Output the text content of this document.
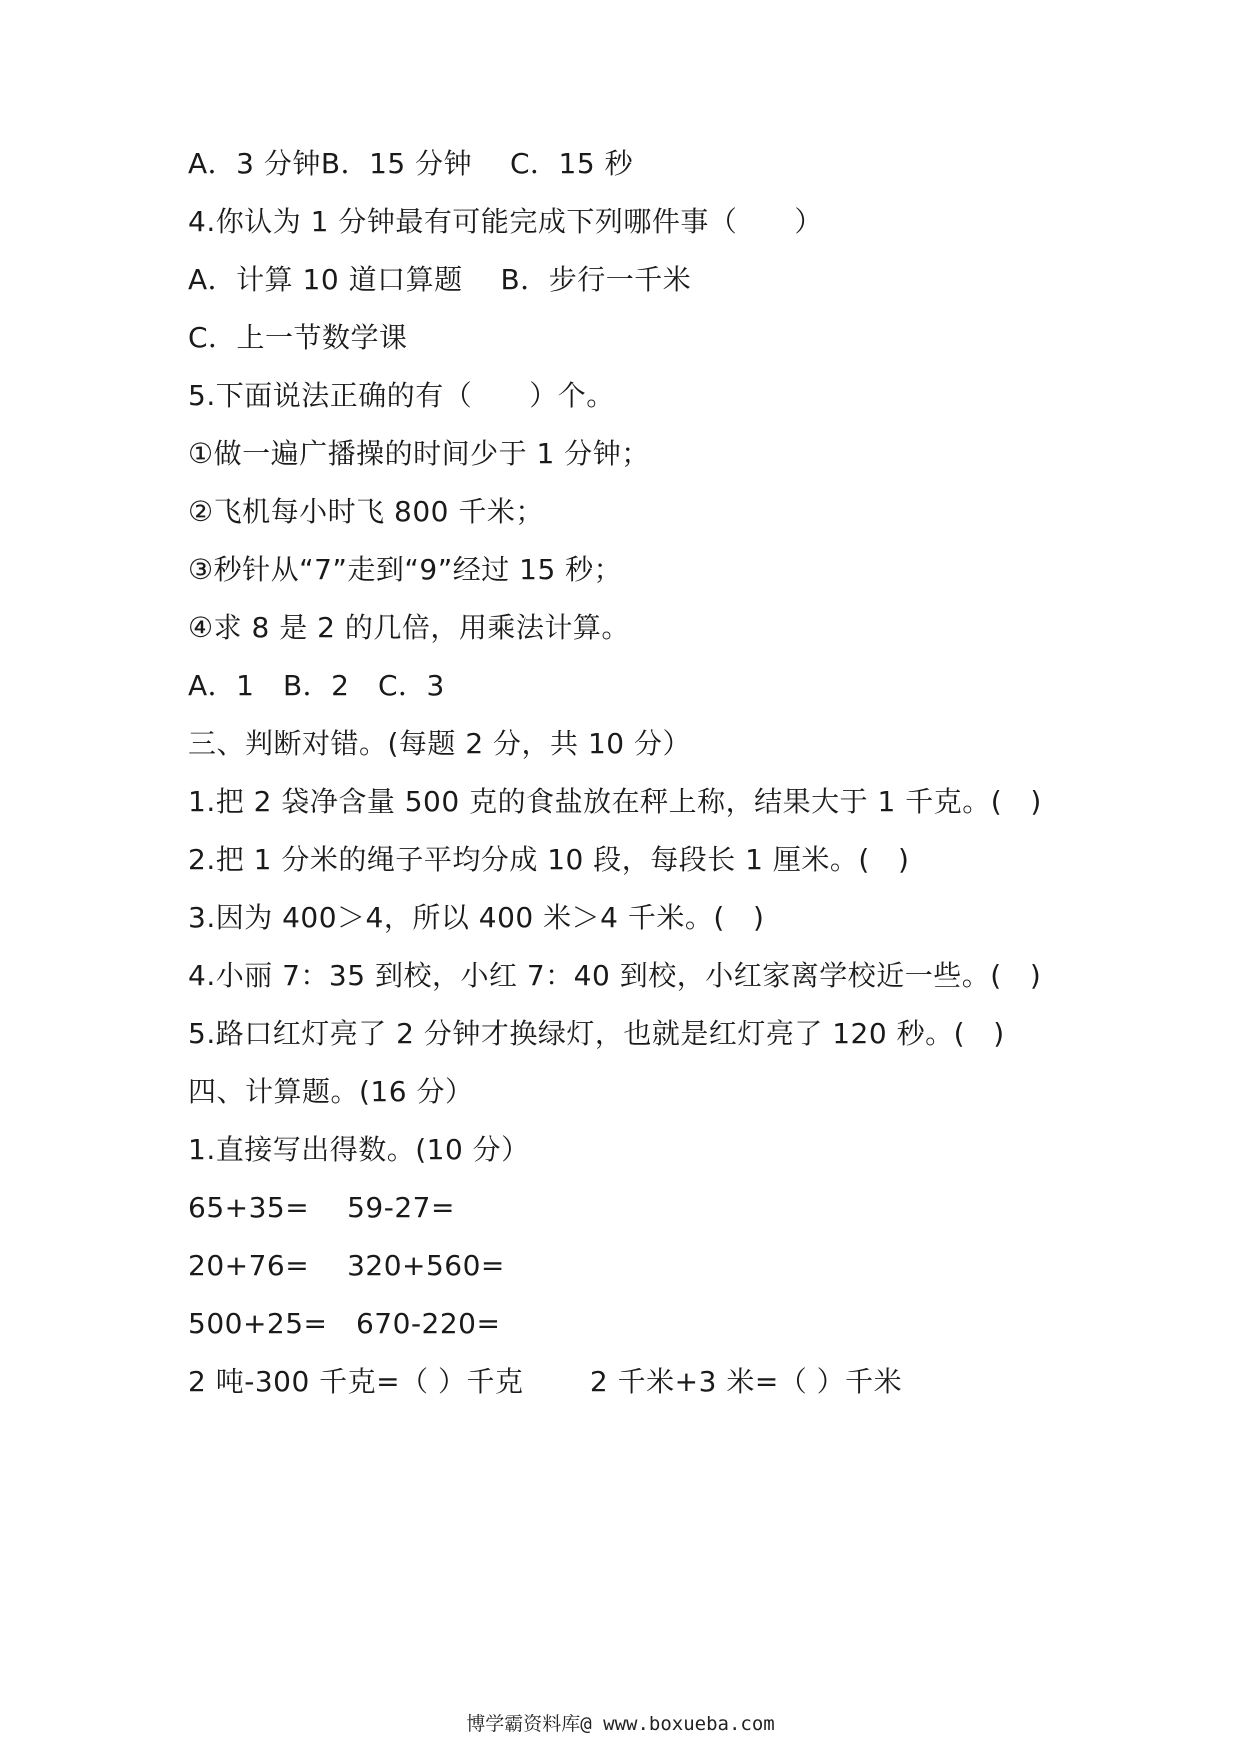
A．3 分钟B．15 分钟　 C．15 秒
4.你认为 1 分钟最有可能完成下列哪件事（　　）
A．计算 10 道口算题　 B．步行一千米
C．上一节数学课
5.下面说法正确的有（　　）个。
①做一遍广播操的时间少于 1 分钟；
②飞机每小时飞 800 千米；
③秒针从“7”走到“9”经过 15 秒；
④求 8 是 2 的几倍，用乘法计算。
A．1　B．2　C．3
三、判断对错。(每题 2 分，共 10 分）
1.把 2 袋净含量 500 克的食盐放在秤上称，结果大于 1 千克。(   )
2.把 1 分米的绳子平均分成 10 段，每段长 1 厘米。(   )
3.因为 400＞4，所以 400 米＞4 千米。(   )
4.小丽 7：35 到校，小红 7：40 到校，小红家离学校近一些。(   )
5.路口红灯亮了 2 分钟才换绿灯，也就是红灯亮了 120 秒。(   )
四、计算题。(16 分）
1.直接写出得数。(10 分）
65+35=　 59-27=
20+76=　 320+560=
500+25=　670-220=
2 吨-300 千克=（ ）千克　　 2 千米+3 米=（ ）千米
博学霸资料库@ www.boxueba.com
